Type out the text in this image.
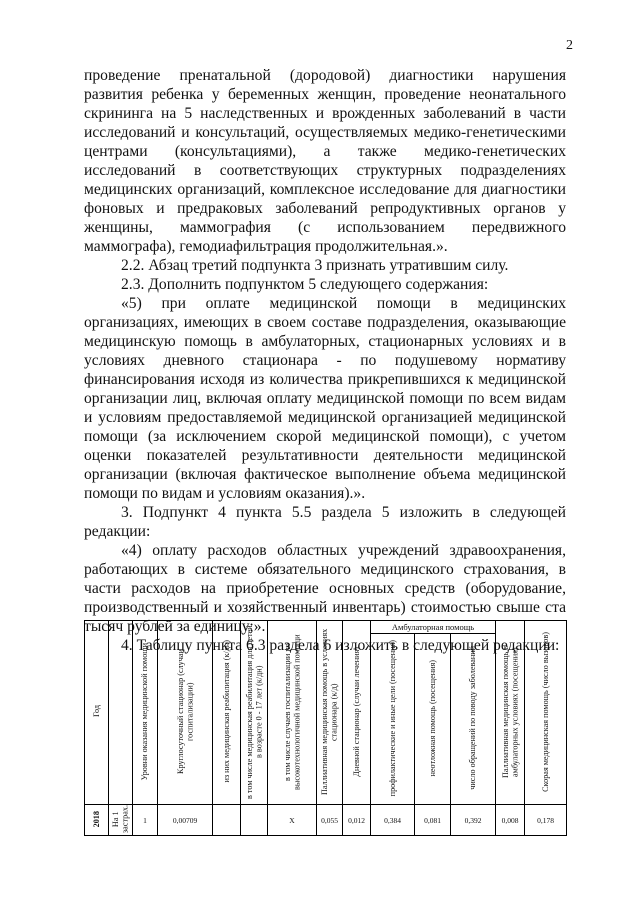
2

проведение пренатальной (дородовой) диагностики нарушения развития ребенка у беременных женщин, проведение неонатального скрининга на 5 наследственных и врожденных заболеваний в части исследований и консультаций, осуществляемых медико-генетическими центрами (консультациями), а также медико-генетических исследований в соответствующих структурных подразделениях медицинских организаций, комплексное исследование для диагностики фоновых и предраковых заболеваний репродуктивных органов у женщины, маммография (с использованием передвижного маммографа), гемодиафильтрация продолжительная.».

2.2. Абзац третий подпункта 3 признать утратившим силу.

2.3. Дополнить подпунктом 5 следующего содержания:

«5) при оплате медицинской помощи в медицинских организациях, имеющих в своем составе подразделения, оказывающие медицинскую помощь в амбулаторных, стационарных условиях и в условиях дневного стационара - по подушевому нормативу финансирования исходя из количества прикрепившихся к медицинской организации лиц, включая оплату медицинской помощи по всем видам и условиям предоставляемой медицинской организацией медицинской помощи (за исключением скорой медицинской помощи), с учетом оценки показателей результативности деятельности медицинской организации (включая фактическое выполнение объема медицинской помощи по видам и условиям оказания).».

3. Подпункт 4 пункта 5.5 раздела 5 изложить в следующей редакции:

«4) оплату расходов областных учреждений здравоохранения, работающих в системе обязательного медицинского страхования, в части расходов на приобретение основных средств (оборудование, производственный и хозяйственный инвентарь) стоимостью свыше ста тысяч рублей за единицу;».

4. Таблицу пункта 6.3 раздела 6 изложить в следующей редакции:

Год		Уровни оказания медицинской помощи	Круглосуточный стационар (случаи госпитализации)	из них медицинская реабилитация (к/дн)	в том числе медицинская реабилитация для детей в возрасте 0 - 17 лет (к/дн)	в том числе случаев госпитализации по высокотехнологичной медицинской помощи	Паллиативная медицинская помощь в условиях стационара (к/д)	Дневной стационар (случаи лечения)	Амбулаторная помощь			Паллиативная медицинская помощь в амбулаторных условиях (посещения)	Скорая медицинская помощь (число вызовов)
									профилактические и иные цели (посещения)	неотложная помощь (посещения)	число обращений по поводу заболеваний		
2018	На 1 застрах.	1	0,00709			Х	0,055	0,012	0,384	0,081	0,392	0,008	0,178
